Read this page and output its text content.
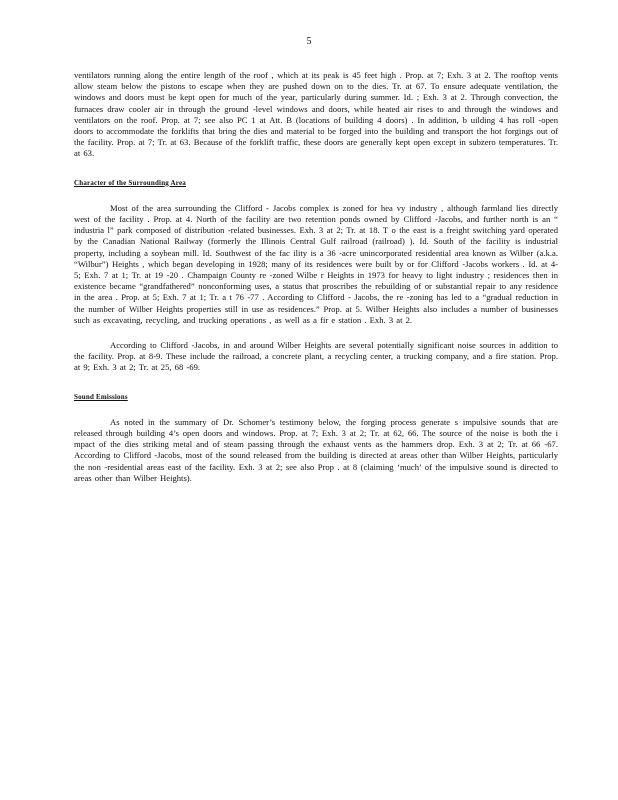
5

ventilators running along the entire length of the roof , which at its peak is 45 feet high . Prop. at 7; Exh. 3 at 2. The rooftop vents allow steam below the pistons to escape when they are pushed down on to the dies. Tr. at 67. To ensure adequate ventilation, the windows and doors must be kept open for much of the year, particularly during summer. Id. ; Exh. 3 at 2. Through convection, the furnaces draw cooler air in through the ground -level windows and doors, while heated air rises to and through the windows and ventilators on the roof. Prop. at 7; see also PC 1 at Att. B (locations of building 4 doors) . In addition, b uilding 4 has roll -open doors to accommodate the forklifts that bring the dies and material to be forged into the building and transport the hot forgings out of the facility. Prop. at 7; Tr. at 63. Because of the forklift traffic, these doors are generally kept open except in subzero temperatures. Tr. at 63.

Character of the Surrounding Area

Most of the area surrounding the Clifford - Jacobs complex is zoned for hea vy industry , although farmland lies directly west of the facility . Prop. at 4. North of the facility are two retention ponds owned by Clifford -Jacobs, and further north is an “ industria l” park composed of distribution -related businesses. Exh. 3 at 2; Tr. at 18. T o the east is a freight switching yard operated by the Canadian National Railway (formerly the Illinois Central Gulf railroad (railroad) ). Id. South of the facility is industrial property, including a soybean mill. Id. Southwest of the fac ility is a 36 -acre unincorporated residential area known as Wilber (a.k.a. “Wilbur”) Heights , which began developing in 1928; many of its residences were built by or for Clifford -Jacobs workers . Id. at 4- 5; Exh. 7 at 1; Tr. at 19 -20 . Champaign County re -zoned Wilbe r Heights in 1973 for heavy to light industry ; residences then in existence became “grandfathered” nonconforming uses, a status that proscribes the rebuilding of or substantial repair to any residence in the area . Prop. at 5; Exh. 7 at 1; Tr. a t 76 -77 . According to Clifford - Jacobs, the re -zoning has led to a “gradual reduction in the number of Wilber Heights properties still in use as residences.” Prop. at 5. Wilber Heights also includes a number of businesses such as excavating, recycling, and trucking operations , as well as a fir e station . Exh. 3 at 2.

According to Clifford -Jacobs, in and around Wilber Heights are several potentially significant noise sources in addition to the facility. Prop. at 8-9. These include the railroad, a concrete plant, a recycling center, a trucking company, and a fire station. Prop. at 9; Exh. 3 at 2; Tr. at 25, 68 -69.

Sound Emissions

As noted in the summary of Dr. Schomer’s testimony below, the forging process generate s impulsive sounds that are released through building 4’s open doors and windows. Prop. at 7; Exh. 3 at 2; Tr. at 62, 66. The source of the noise is both the i mpact of the dies striking metal and of steam passing through the exhaust vents as the hammers drop. Exh. 3 at 2; Tr. at 66 -67. According to Clifford -Jacobs, most of the sound released from the building is directed at areas other than Wilber Heights, particularly the non -residential areas east of the facility. Exh. 3 at 2; see also Prop . at 8 (claiming ‘much’ of the impulsive sound is directed to areas other than Wilber Heights).
